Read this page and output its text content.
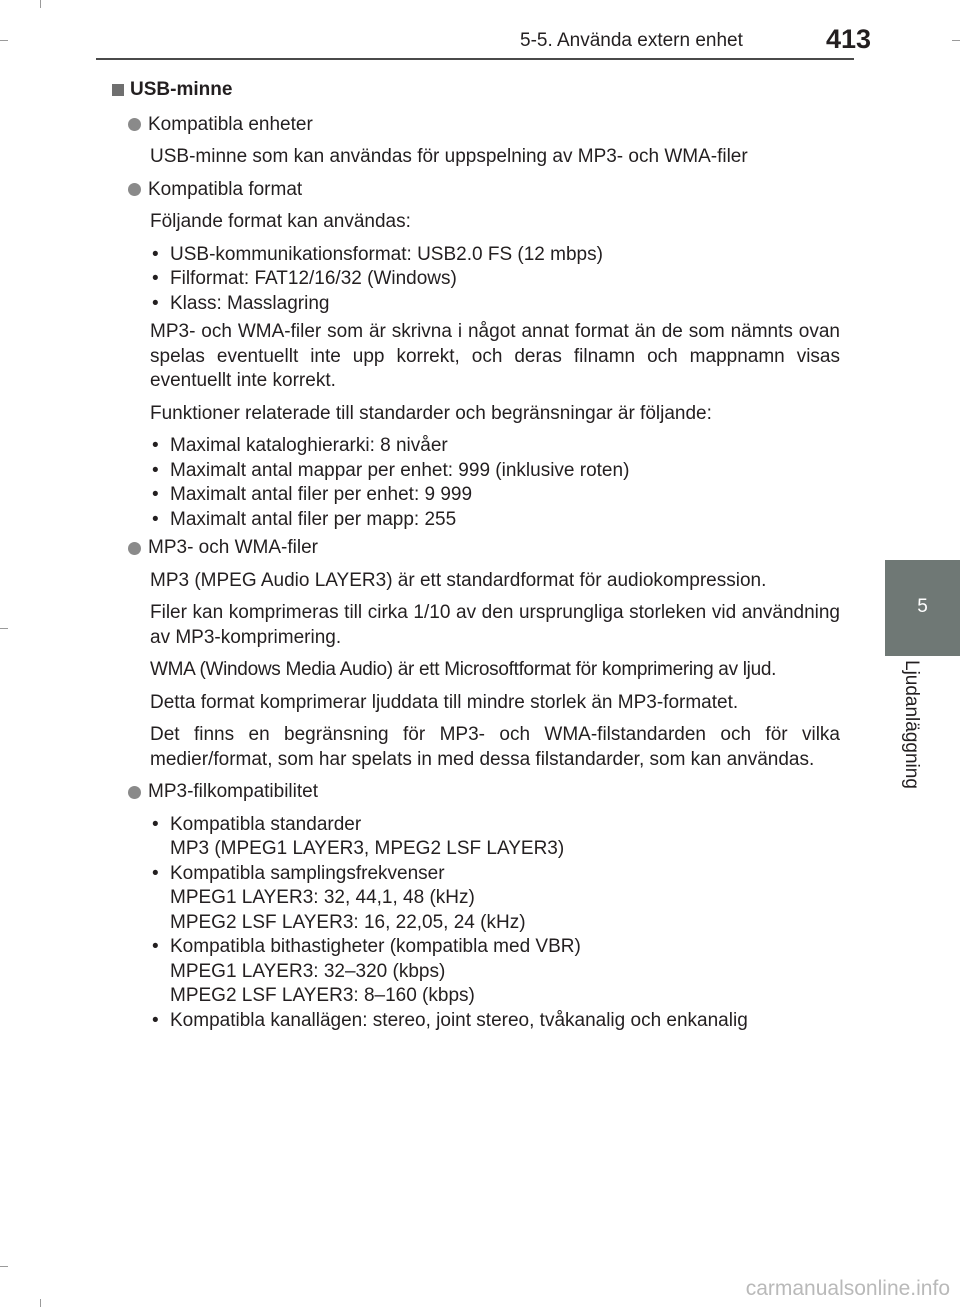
5-5. Använda extern enhet	413
5
Ljudanläggning
USB-minne
Kompatibla enheter
USB-minne som kan användas för uppspelning av MP3- och WMA-filer
Kompatibla format
Följande format kan användas:
• USB-kommunikationsformat: USB2.0 FS (12 mbps)
• Filformat: FAT12/16/32 (Windows)
• Klass: Masslagring
MP3- och WMA-filer som är skrivna i något annat format än de som nämnts ovan spelas eventuellt inte upp korrekt, och deras filnamn och mappnamn visas eventuellt inte korrekt.
Funktioner relaterade till standarder och begränsningar är följande:
• Maximal kataloghierarki: 8 nivåer
• Maximalt antal mappar per enhet: 999 (inklusive roten)
• Maximalt antal filer per enhet: 9 999
• Maximalt antal filer per mapp: 255
MP3- och WMA-filer
MP3 (MPEG Audio LAYER3) är ett standardformat för audiokompression.
Filer kan komprimeras till cirka 1/10 av den ursprungliga storleken vid användning av MP3-komprimering.
WMA (Windows Media Audio) är ett Microsoftformat för komprimering av ljud.
Detta format komprimerar ljuddata till mindre storlek än MP3-formatet.
Det finns en begränsning för MP3- och WMA-filstandarden och för vilka medier/format, som har spelats in med dessa filstandarder, som kan användas.
MP3-filkompatibilitet
• Kompatibla standarder
MP3 (MPEG1 LAYER3, MPEG2 LSF LAYER3)
• Kompatibla samplingsfrekvenser
MPEG1 LAYER3: 32, 44,1, 48 (kHz)
MPEG2 LSF LAYER3: 16, 22,05, 24 (kHz)
• Kompatibla bithastigheter (kompatibla med VBR)
MPEG1 LAYER3: 32–320 (kbps)
MPEG2 LSF LAYER3: 8–160 (kbps)
• Kompatibla kanallägen: stereo, joint stereo, tvåkanalig och enkanalig
carmanualsonline.info
